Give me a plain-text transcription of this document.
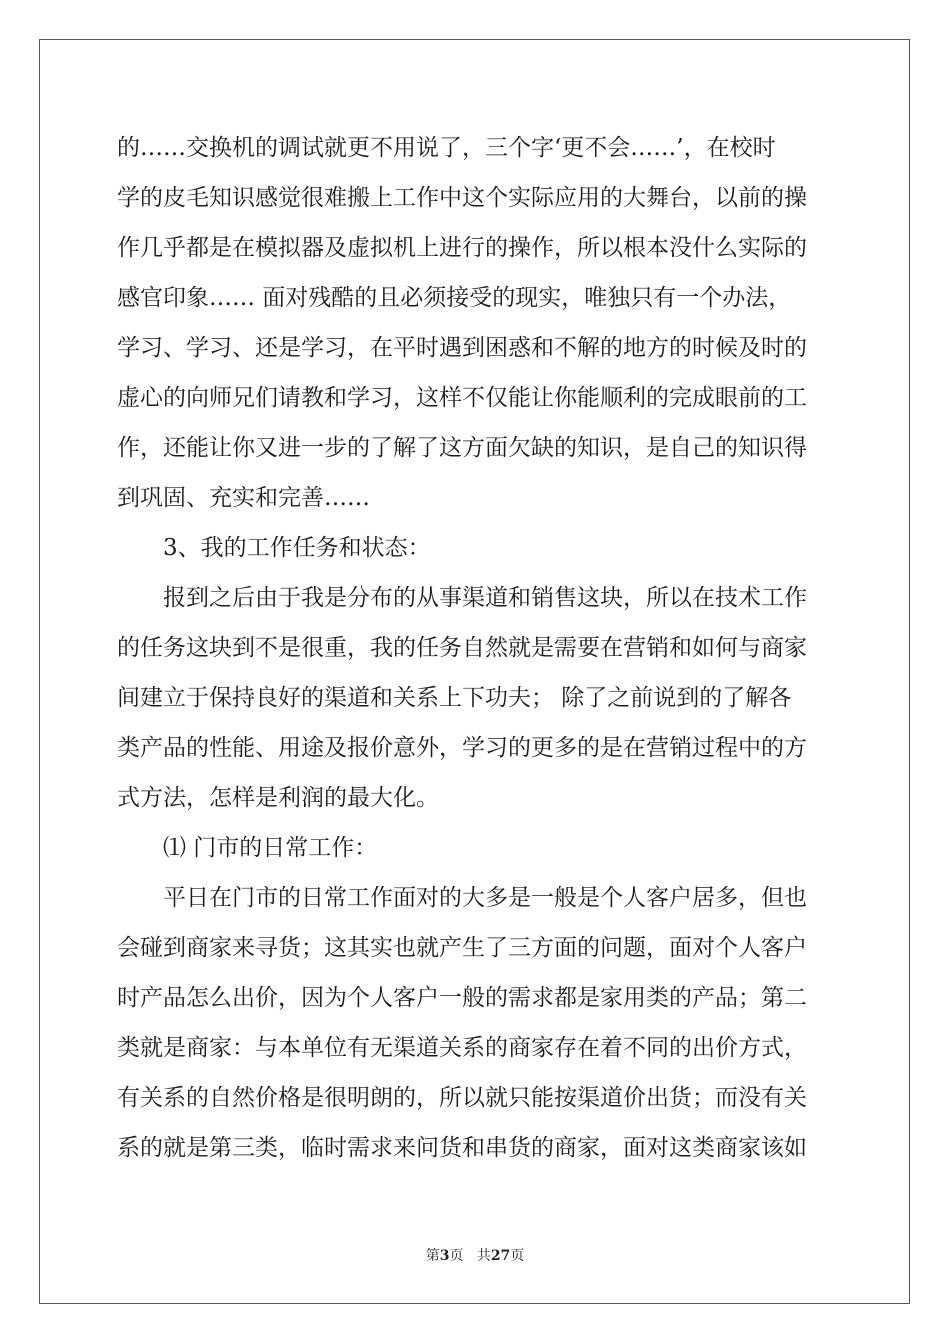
的……交换机的调试就更不用说了，三个字‘更不会……’，在校时

学的皮毛知识感觉很难搬上工作中这个实际应用的大舞台，以前的操

作几乎都是在模拟器及虚拟机上进行的操作，所以根本没什么实际的

感官印象…… 面对残酷的且必须接受的现实，唯独只有一个办法，

学习、学习、还是学习，在平时遇到困惑和不解的地方的时候及时的

虚心的向师兄们请教和学习，这样不仅能让你能顺利的完成眼前的工

作，还能让你又进一步的了解了这方面欠缺的知识，是自己的知识得

到巩固、充实和完善……

3、我的工作任务和状态：

报到之后由于我是分布的从事渠道和销售这块，所以在技术工作

的任务这块到不是很重，我的任务自然就是需要在营销和如何与商家

间建立于保持良好的渠道和关系上下功夫； 除了之前说到的了解各

类产品的性能、用途及报价意外，学习的更多的是在营销过程中的方

式方法，怎样是利润的最大化。

⑴ 门市的日常工作：

平日在门市的日常工作面对的大多是一般是个人客户居多，但也

会碰到商家来寻货；这其实也就产生了三方面的问题，面对个人客户

时产品怎么出价，因为个人客户一般的需求都是家用类的产品；第二

类就是商家：与本单位有无渠道关系的商家存在着不同的出价方式，

有关系的自然价格是很明朗的，所以就只能按渠道价出货；而没有关

系的就是第三类，临时需求来问货和串货的商家，面对这类商家该如

第3页 共27页
